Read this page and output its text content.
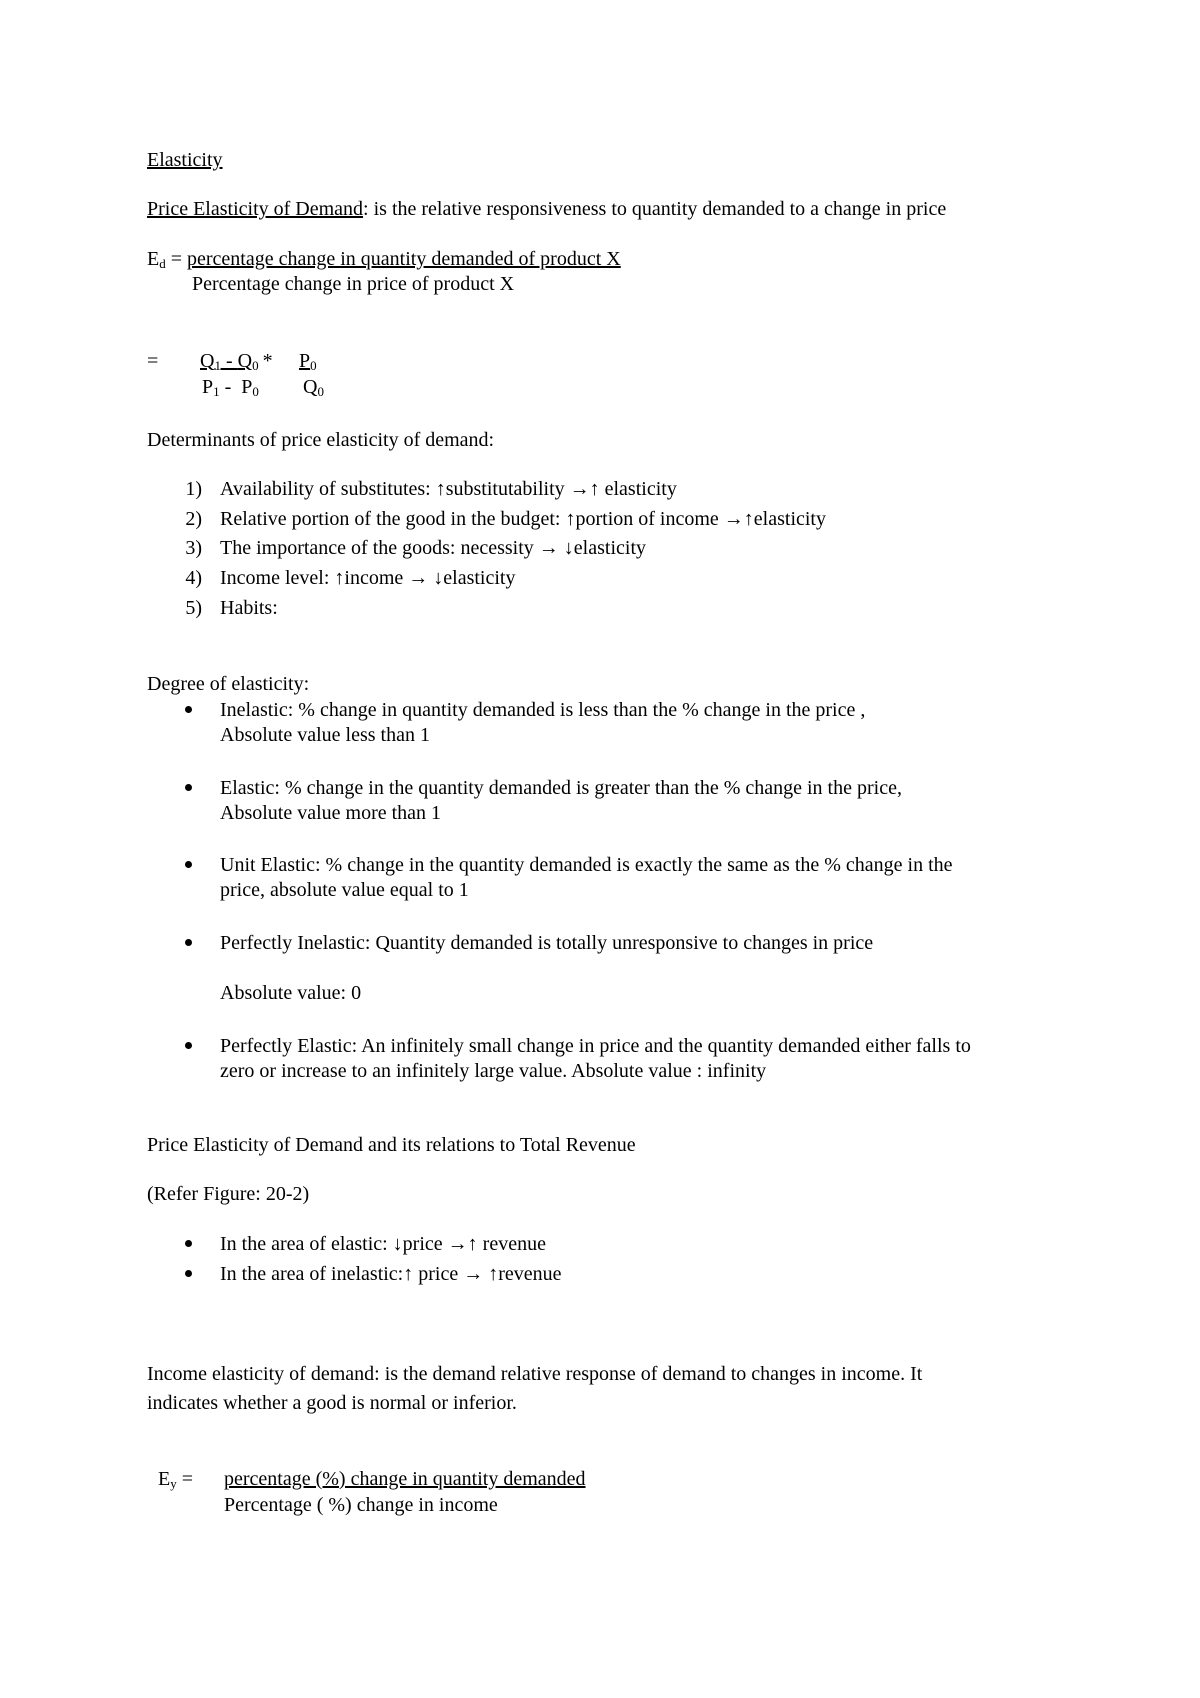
Elasticity
Price Elasticity of Demand: is the relative responsiveness to quantity demanded to a change in price
$E_d$ = percentage change in quantity demanded of product X
Percentage change in price of product X
= $Q_1 - Q_0 * P_0$
$P_1 - P_0$ $Q_0$
Determinants of price elasticity of demand:
1) Availability of substitutes: ↑substitutability →↑ elasticity
2) Relative portion of the good in the budget: ↑portion of income →↑elasticity
3) The importance of the goods: necessity → ↓elasticity
4) Income level: ↑income → ↓elasticity
5) Habits:
Degree of elasticity:
Inelastic: % change in quantity demanded is less than the % change in the price ,
Absolute value less than 1
Elastic: % change in the quantity demanded is greater than the % change in the price,
Absolute value more than 1
Unit Elastic: % change in the quantity demanded is exactly the same as the % change in the
price, absolute value equal to 1
Perfectly Inelastic: Quantity demanded is totally unresponsive to changes in price
Absolute value: 0
Perfectly Elastic: An infinitely small change in price and the quantity demanded either falls to
zero or increase to an infinitely large value. Absolute value : infinity
Price Elasticity of Demand and its relations to Total Revenue
(Refer Figure: 20-2)
In the area of elastic: ↓price →↑ revenue
In the area of inelastic:↑ price → ↑revenue
Income elasticity of demand: is the demand relative response of demand to changes in income. It
indicates whether a good is normal or inferior.
$E_y$ = percentage (%) change in quantity demanded
Percentage ( %) change in income
